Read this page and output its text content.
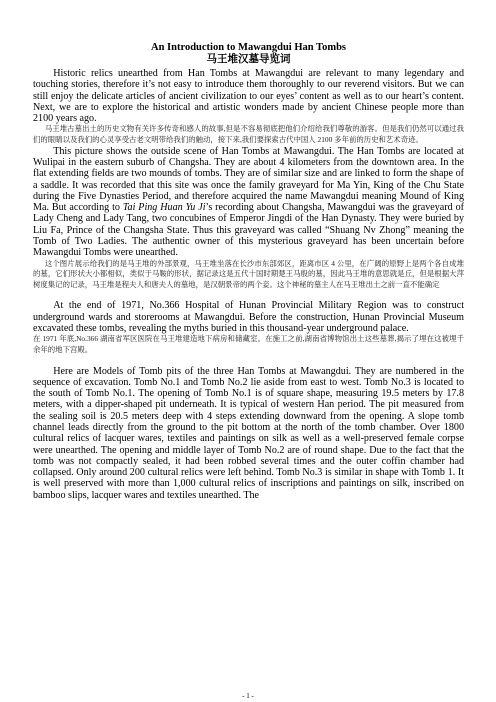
An Introduction to Mawangdui Han Tombs

马王堆汉墓导览词

Historic relics unearthed from Han Tombs at Mawangdui are relevant to many legendary and touching stories, therefore it’s not easy to introduce them thoroughly to our reverend visitors. But we can still enjoy the delicate articles of ancient civilization to our eyes’ content as well as to our heart’s content. Next, we are to explore the historical and artistic wonders made by ancient Chinese people more than 2100 years ago.

马王堆古墓出土的历史文物有关许多传奇和感人的故事,但是不容易彻底把他们介绍给我们尊敬的游客。但是我们仍然可以通过我们的眼睛以及我们的心灵享受古老文明带给我们的触动，接下来,我们要探索古代中国人 2100 多年前的历史和艺术奇迹。

This picture shows the outside scene of Han Tombs at Mawangdui. The Han Tombs are located at Wulipai in the eastern suburb of Changsha. They are about 4 kilometers from the downtown area. In the flat extending fields are two mounds of tombs. They are of similar size and are linked to form the shape of a saddle. It was recorded that this site was once the family graveyard for Ma Yin, King of the Chu State during the Five Dynasties Period, and therefore acquired the name Mawangdui meaning Mound of King Ma. But according to Tai Ping Huan Yu Ji’s recording about Changsha, Mawangdui was the graveyard of Lady Cheng and Lady Tang, two concubines of Emperor Jingdi of the Han Dynasty. They were buried by Liu Fa, Prince of the Changsha State. Thus this graveyard was called “Shuang Nv Zhong” meaning the Tomb of Two Ladies. The authentic owner of this mysterious graveyard has been uncertain before Mawangdui Tombs were unearthed.

这个图片展示给我们的是马王堆的外部景观，马王堆坐落在长沙市东部郊区，距离市区 4 公里，在广阔的原野上是两个各自成堆的墓，它们形状大小都相似，类似于马鞍的形状，据记录这是五代十国时期楚王马殷的墓，因此马王堆的意思就是丘，但是根据大萍树度集记的记录，马王堆是程夫人和唐夫人的墓地，是汉朝景帝的两个妾。这个神秘的墓主人在马王堆出土之前一直不能确定

At the end of 1971, No.366 Hospital of Hunan Provincial Military Region was to construct underground wards and storerooms at Mawangdui. Before the construction, Hunan Provincial Museum excavated these tombs, revealing the myths buried in this thousand-year underground palace.

在 1971 年底,No.366 湖南省军区医院在马王堆建造地下病房和储藏室。在施工之前,湖南省博物馆出土这些墓葬,揭示了埋在这被埋千余年的地下宫殿。

Here are Models of Tomb pits of the three Han Tombs at Mawangdui. They are numbered in the sequence of excavation. Tomb No.1 and Tomb No.2 lie aside from east to west. Tomb No.3 is located to the south of Tomb No.1. The opening of Tomb No.1 is of square shape, measuring 19.5 meters by 17.8 meters, with a dipper-shaped pit underneath. It is typical of western Han period. The pit measured from the sealing soil is 20.5 meters deep with 4 steps extending downward from the opening. A slope tomb channel leads directly from the ground to the pit bottom at the north of the tomb chamber. Over 1800 cultural relics of lacquer wares, textiles and paintings on silk as well as a well-preserved female corpse were unearthed. The opening and middle layer of Tomb No.2 are of round shape. Due to the fact that the tomb was not compactly sealed, it had been robbed several times and the outer coffin chamber had collapsed. Only around 200 cultural relics were left behind. Tomb No.3 is similar in shape with Tomb 1. It is well preserved with more than 1,000 cultural relics of inscriptions and paintings on silk, inscribed on bamboo slips, lacquer wares and textiles unearthed. The

- 1 -
